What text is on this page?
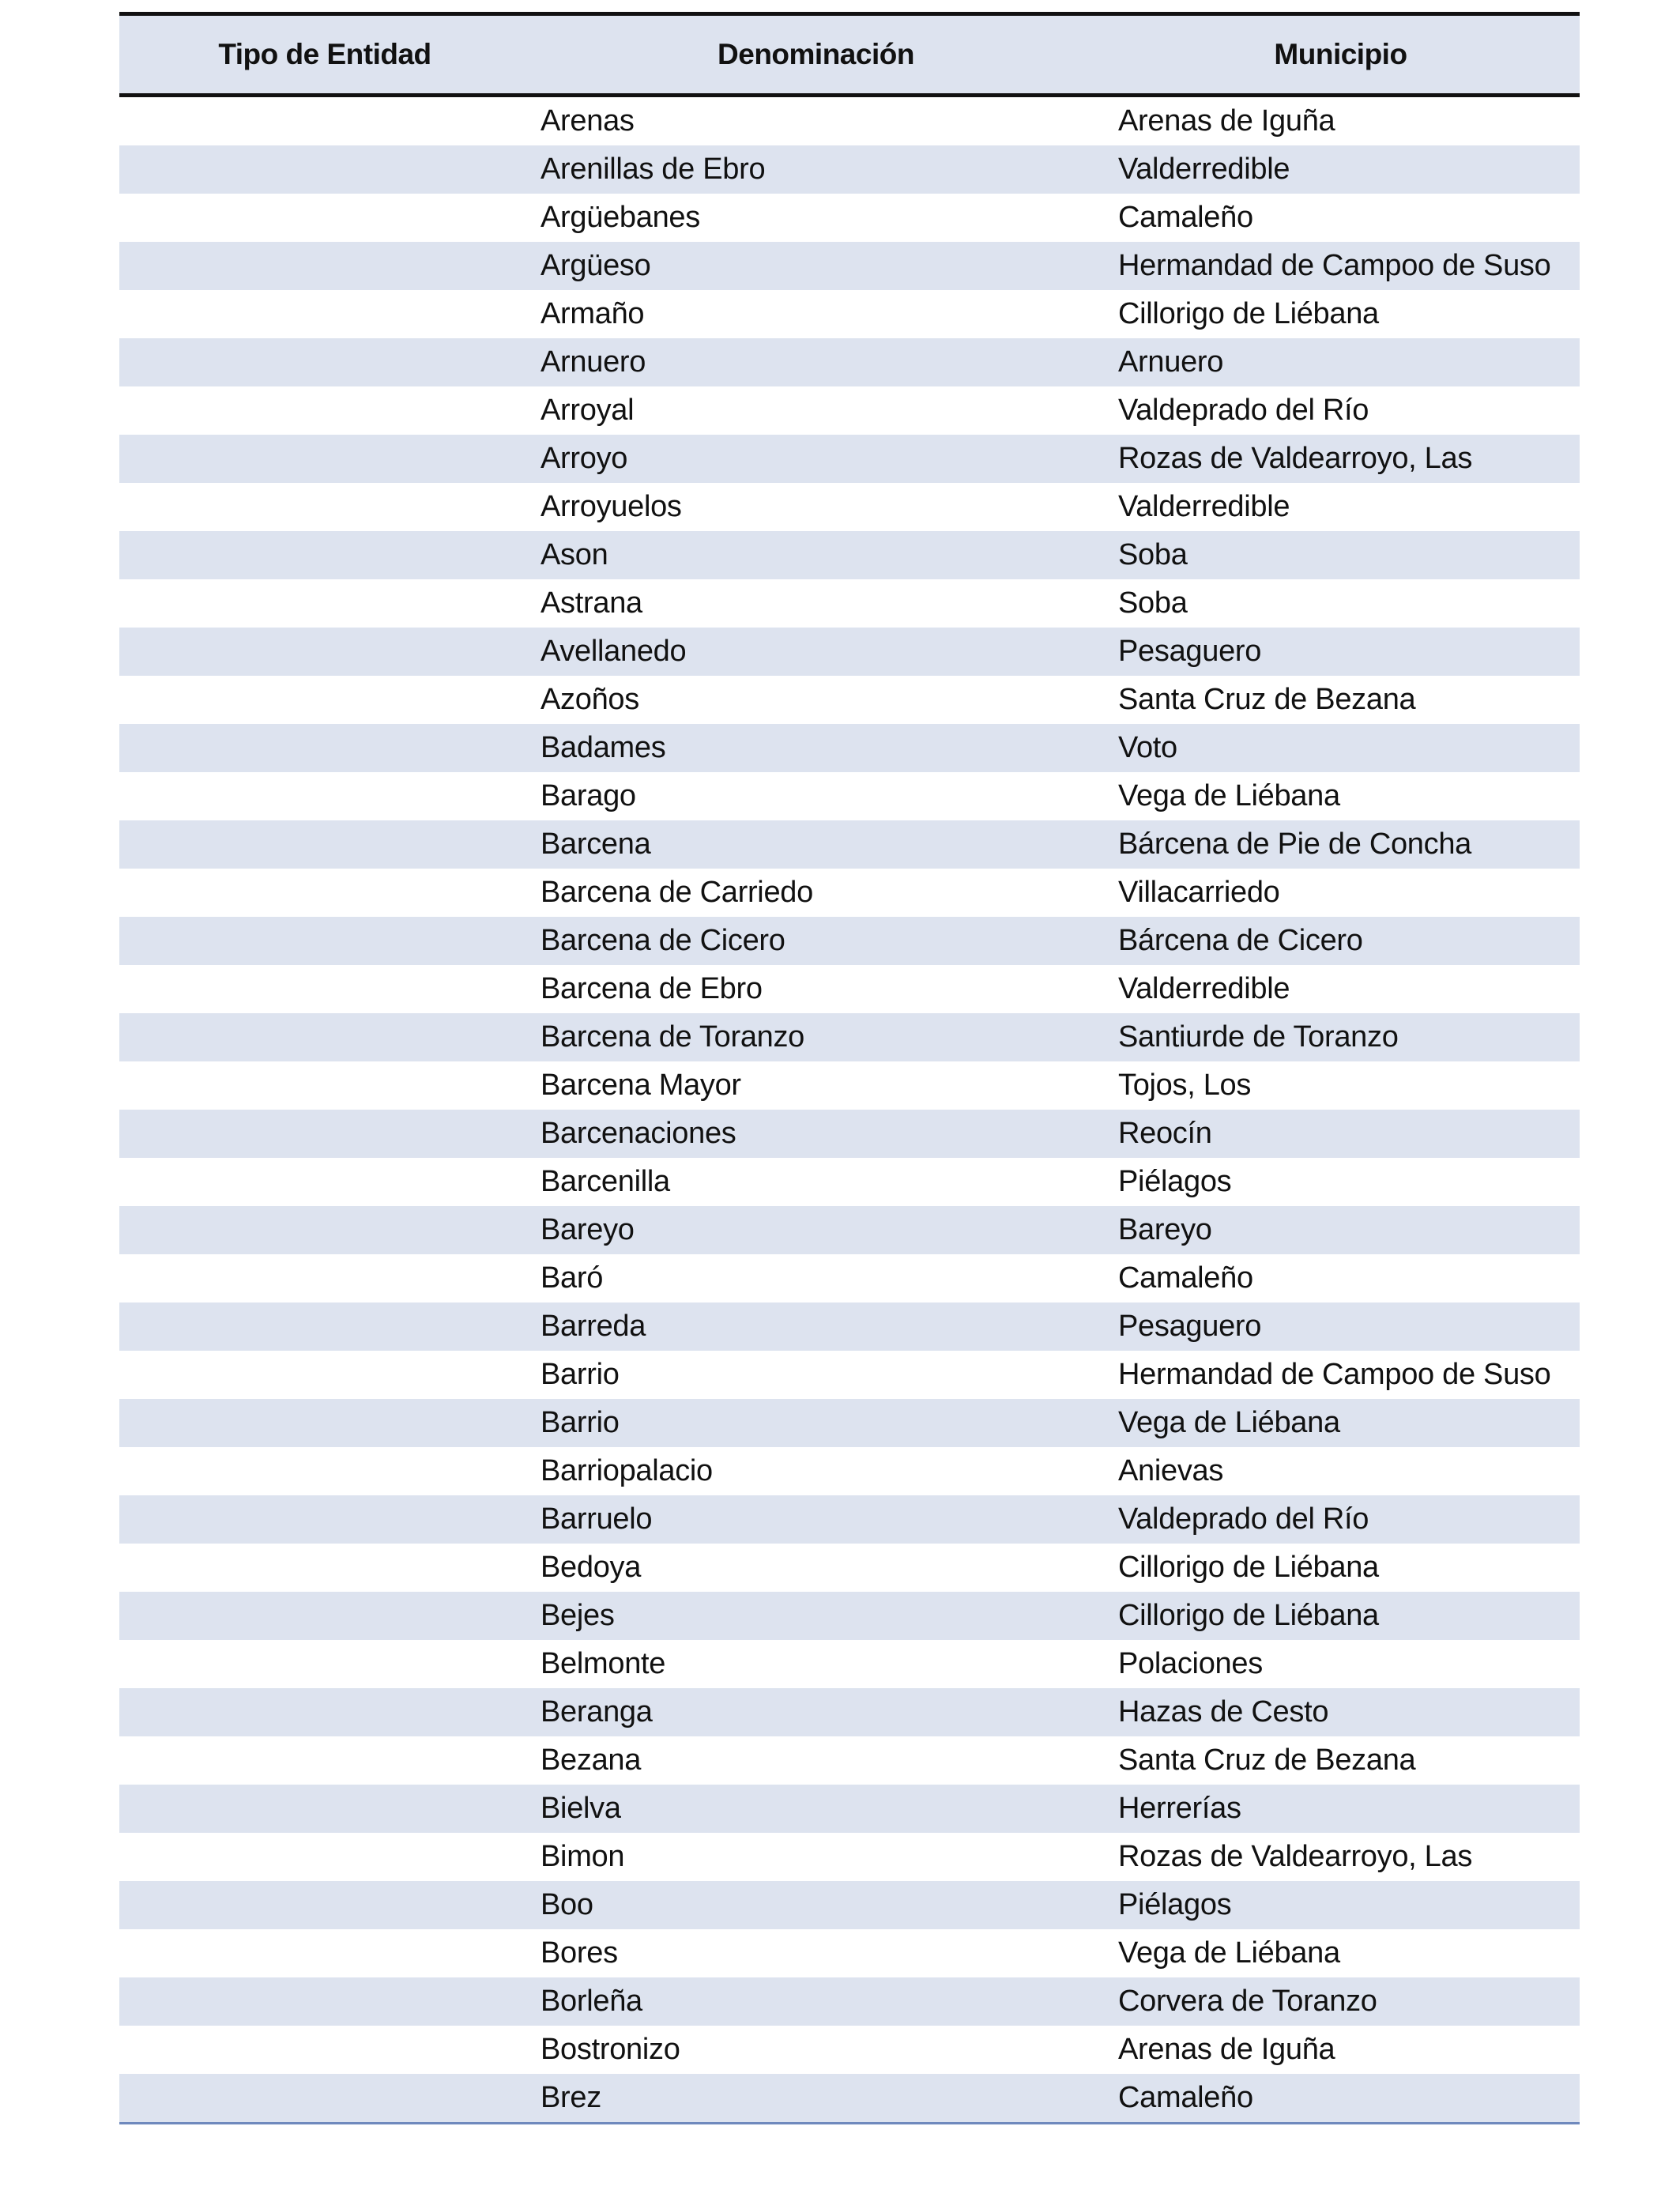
Tipo de Entidad	Denominación	Municipio
	Arenas	Arenas de Iguña
	Arenillas de Ebro	Valderredible
	Argüebanes	Camaleño
	Argüeso	Hermandad de Campoo de Suso
	Armaño	Cillorigo de Liébana
	Arnuero	Arnuero
	Arroyal	Valdeprado del Río
	Arroyo	Rozas de Valdearroyo, Las
	Arroyuelos	Valderredible
	Ason	Soba
	Astrana	Soba
	Avellanedo	Pesaguero
	Azoños	Santa Cruz de Bezana
	Badames	Voto
	Barago	Vega de Liébana
	Barcena	Bárcena de Pie de Concha
	Barcena de Carriedo	Villacarriedo
	Barcena de Cicero	Bárcena de Cicero
	Barcena de Ebro	Valderredible
	Barcena de Toranzo	Santiurde de Toranzo
	Barcena Mayor	Tojos, Los
	Barcenaciones	Reocín
	Barcenilla	Piélagos
	Bareyo	Bareyo
	Baró	Camaleño
	Barreda	Pesaguero
	Barrio	Hermandad de Campoo de Suso
	Barrio	Vega de Liébana
	Barriopalacio	Anievas
	Barruelo	Valdeprado del Río
	Bedoya	Cillorigo de Liébana
	Bejes	Cillorigo de Liébana
	Belmonte	Polaciones
	Beranga	Hazas de Cesto
	Bezana	Santa Cruz de Bezana
	Bielva	Herrerías
	Bimon	Rozas de Valdearroyo, Las
	Boo	Piélagos
	Bores	Vega de Liébana
	Borleña	Corvera de Toranzo
	Bostronizo	Arenas de Iguña
	Brez	Camaleño
